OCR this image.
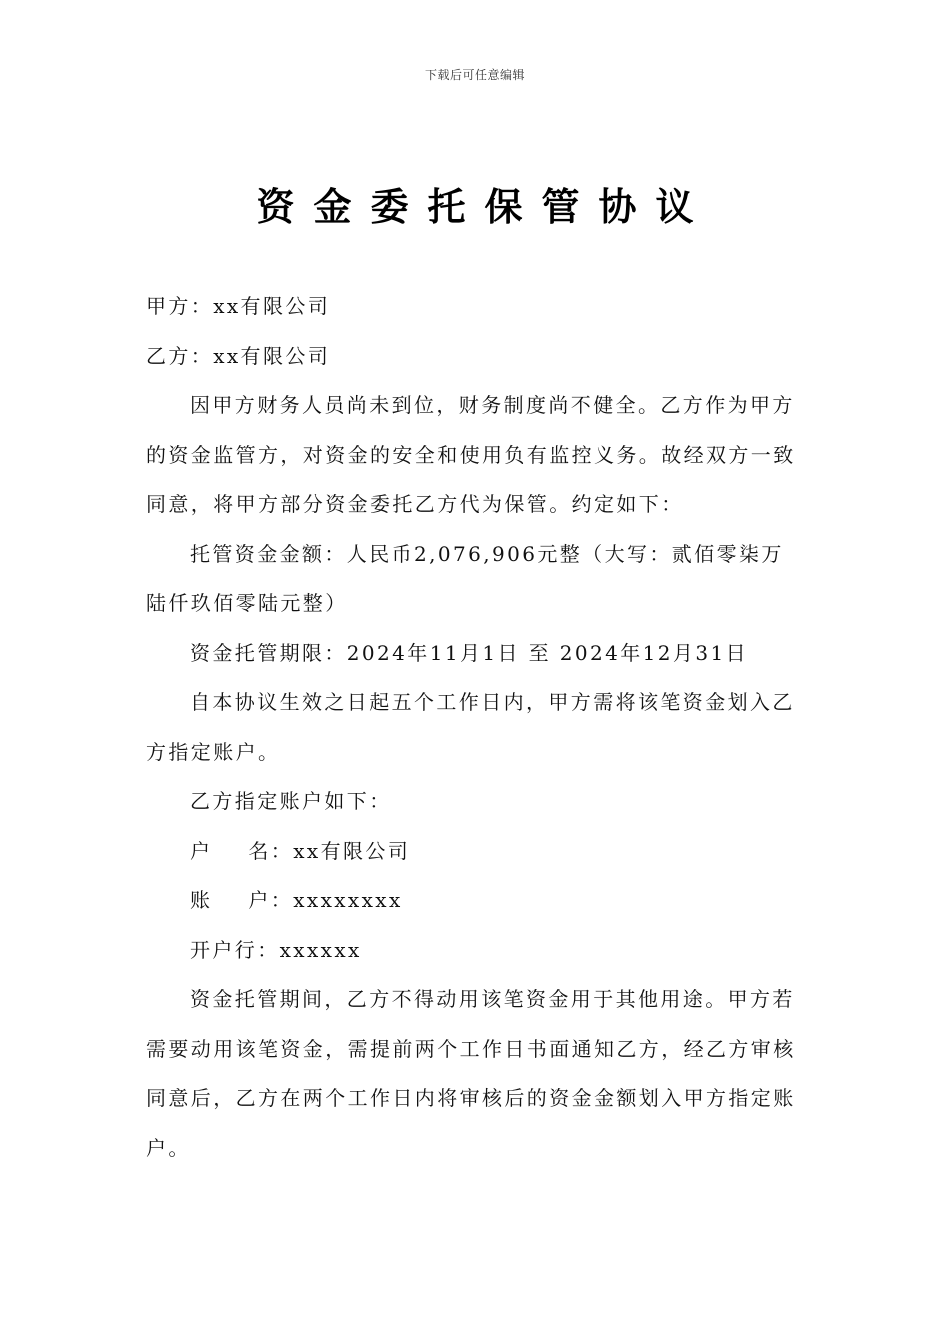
下载后可任意编辑
资金委托保管协议

甲方：xx有限公司

乙方：xx有限公司

因甲方财务人员尚未到位，财务制度尚不健全。乙方作为甲方的资金监管方，对资金的安全和使用负有监控义务。故经双方一致同意，将甲方部分资金委托乙方代为保管。约定如下：

托管资金金额：人民币2,076,906元整（大写：贰佰零柒万陆仟玖佰零陆元整）

资金托管期限：2024年11月1日 至 2024年12月31日

自本协议生效之日起五个工作日内，甲方需将该笔资金划入乙方指定账户。

乙方指定账户如下：

户 名：xx有限公司

账 户：xxxxxxxx

开户行：xxxxxx

资金托管期间，乙方不得动用该笔资金用于其他用途。甲方若需要动用该笔资金，需提前两个工作日书面通知乙方，经乙方审核同意后，乙方在两个工作日内将审核后的资金金额划入甲方指定账户。
